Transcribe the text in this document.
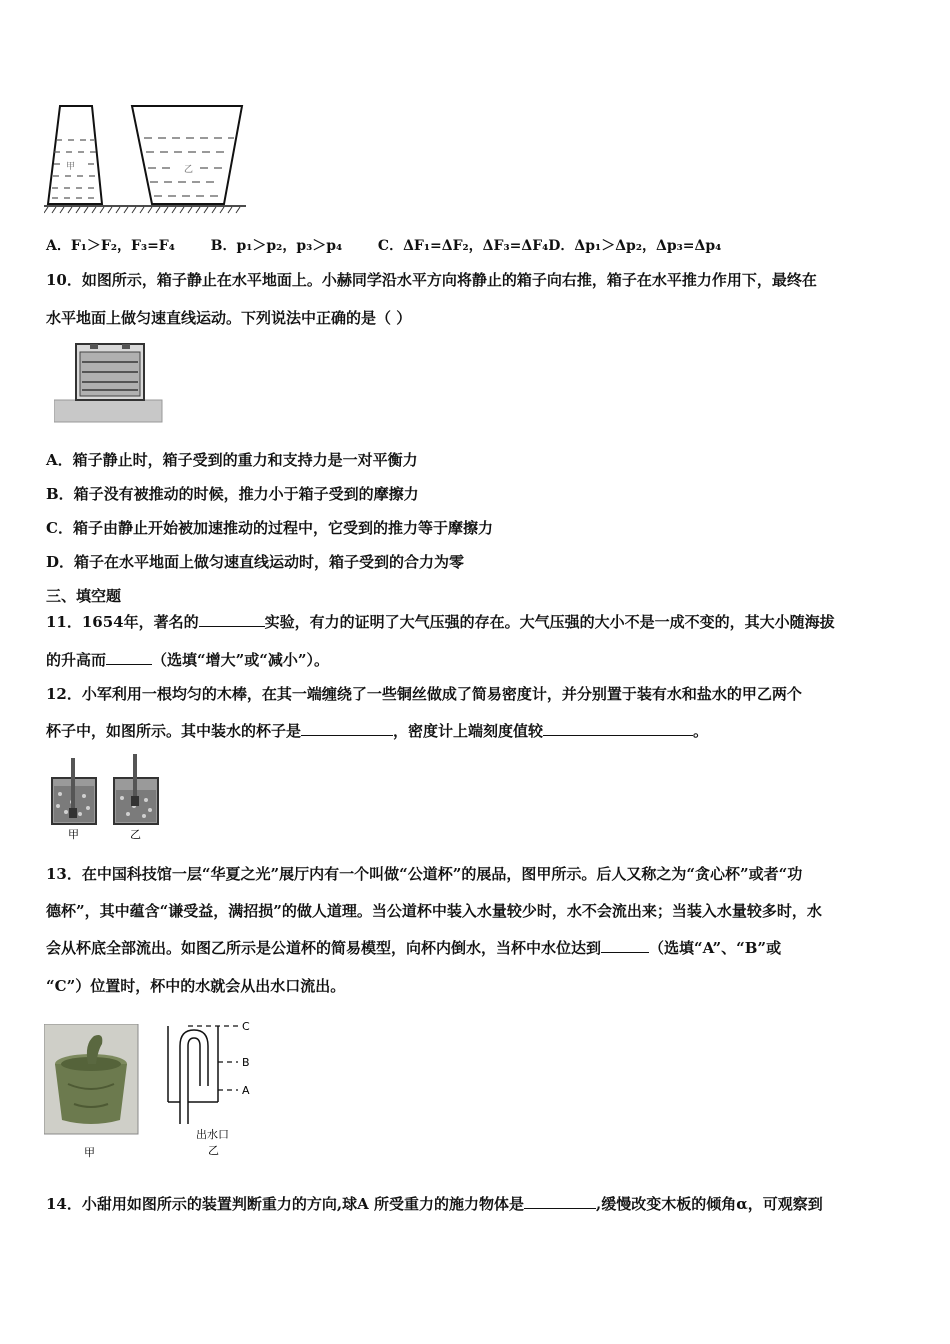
甲	乙
A．F₁＞F₂，F₃=F₄	B．p₁＞p₂，p₃＞p₄	C．ΔF₁=ΔF₂，ΔF₃=ΔF₄D．Δp₁＞Δp₂，Δp₃=Δp₄
10．如图所示，箱子静止在水平地面上。小赫同学沿水平方向将静止的箱子向右推，箱子在水平推力作用下，最终在
水平地面上做匀速直线运动。下列说法中正确的是（ ）
A．箱子静止时，箱子受到的重力和支持力是一对平衡力
B．箱子没有被推动的时候，推力小于箱子受到的摩擦力
C．箱子由静止开始被加速推动的过程中，它受到的推力等于摩擦力
D．箱子在水平地面上做匀速直线运动时，箱子受到的合力为零
三、填空题
11．1654年，著名的	实验，有力的证明了大气压强的存在。大气压强的大小不是一成不变的，其大小随海拔
的升高而	（选填“增大”或“减小”）。
12．小军利用一根均匀的木棒，在其一端缠绕了一些铜丝做成了简易密度计，并分别置于装有水和盐水的甲乙两个
杯子中，如图所示。其中装水的杯子是	，密度计上端刻度值较	。
甲	乙
13．在中国科技馆一层“华夏之光”展厅内有一个叫做“公道杯”的展品，图甲所示。后人又称之为“贪心杯”或者“功
德杯”，其中蕴含“谦受益，满招损”的做人道理。当公道杯中装入水量较少时，水不会流出来；当装入水量较多时，水
会从杯底全部流出。如图乙所示是公道杯的简易模型，向杯内倒水，当杯中水位达到	（选填“A”、“B”或
“C”）位置时，杯中的水就会从出水口流出。
甲
C
B
A
出水口
乙
14．小甜用如图所示的装置判断重力的方向,球A 所受重力的施力物体是	,缓慢改变木板的倾角α，可观察到
